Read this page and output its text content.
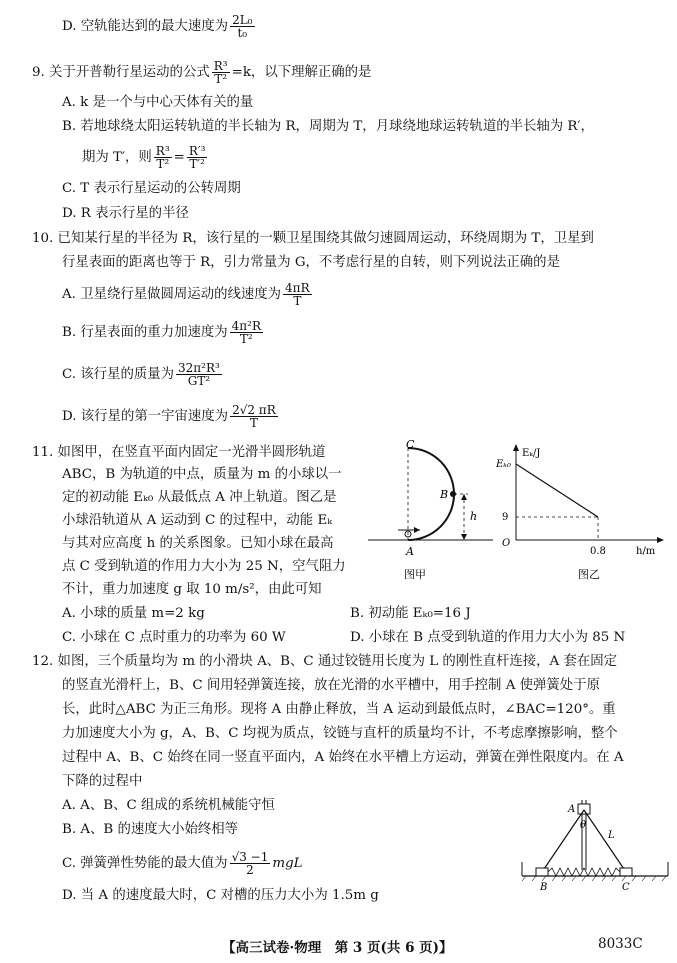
D. 空轨能达到的最大速度为 $\frac{\text{2L₀}}{\text{t₀}}$
9. 关于开普勒行星运动的公式 $\frac{\text{R³}}{\text{T²}} =k$，以下理解正确的是
A. k 是一个与中心天体有关的量
B. 若地球绕太阳运转轨道的半长轴为 R，周期为 T，月球绕地球运转轨道的半长轴为 R′，
期为 T′，则 $\frac{\text{R³}}{\text{T²}} = \frac{\text{R′³}}{\text{T′²}}$
C. T 表示行星运动的公转周期
D. R 表示行星的半径
10. 已知某行星的半径为 R，该行星的一颗卫星围绕其做匀速圆周运动，环绕周期为 T，卫星到
行星表面的距离也等于 R，引力常量为 G，不考虑行星的自转，则下列说法正确的是
A. 卫星绕行星做圆周运动的线速度为 $\frac{4\pi R}{T}$
B. 行星表面的重力加速度为 $\frac{\text{4π²R}}{\text{T²}}$
C. 该行星的质量为 $\frac{\text{32π²R³}}{\text{GT²}}$
D. 该行星的第一宇宙速度为 $\frac{2√2 \pi R}{T}$
11. 如图甲，在竖直平面内固定一光滑半圆形轨道
ABC，B 为轨道的中点，质量为 m 的小球以一
定的初动能 Eₖ₀ 从最低点 A 冲上轨道。图乙是
小球沿轨道从 A 运动到 C 的过程中，动能 Eₖ
与其对应高度 h 的关系图象。已知小球在最高
点 C 受到轨道的作用力大小为 25 N，空气阻力
不计，重力加速度 g 取 10 m/s²，由此可知
A. 小球的质量 m=2 kg	B. 初动能 Eₖ₀=16 J
C. 小球在 C 点时重力的功率为 60 W	D. 小球在 B 点受到轨道的作用力大小为 85 N
C
B
A
h
图甲
Eₖ/J
Eₖ₀
9
O
0.8	h/m
图乙
12. 如图，三个质量均为 m 的小滑块 A、B、C 通过铰链用长度为 L 的刚性直杆连接，A 套在固定
的竖直光滑杆上，B、C 间用轻弹簧连接，放在光滑的水平槽中，用手控制 A 使弹簧处于原
长，此时△ABC 为正三角形。现将 A 由静止释放，当 A 运动到最低点时，∠BAC=120°。重
力加速度大小为 g，A、B、C 均视为质点，铰链与直杆的质量均不计，不考虑摩擦影响，整个
过程中 A、B、C 始终在同一竖直平面内，A 始终在水平槽上方运动，弹簧在弹性限度内。在 A
下降的过程中
A. A、B、C 组成的系统机械能守恒
B. A、B 的速度大小始终相等
C. 弹簧弹性势能的最大值为 $\frac{√3 -1}{2}$ mgL
D. 当 A 的速度最大时，C 对槽的压力大小为 1.5m g
A
θ
L
B	C
【高三试卷·物理　第 3 页(共 6 页)】	8033C
